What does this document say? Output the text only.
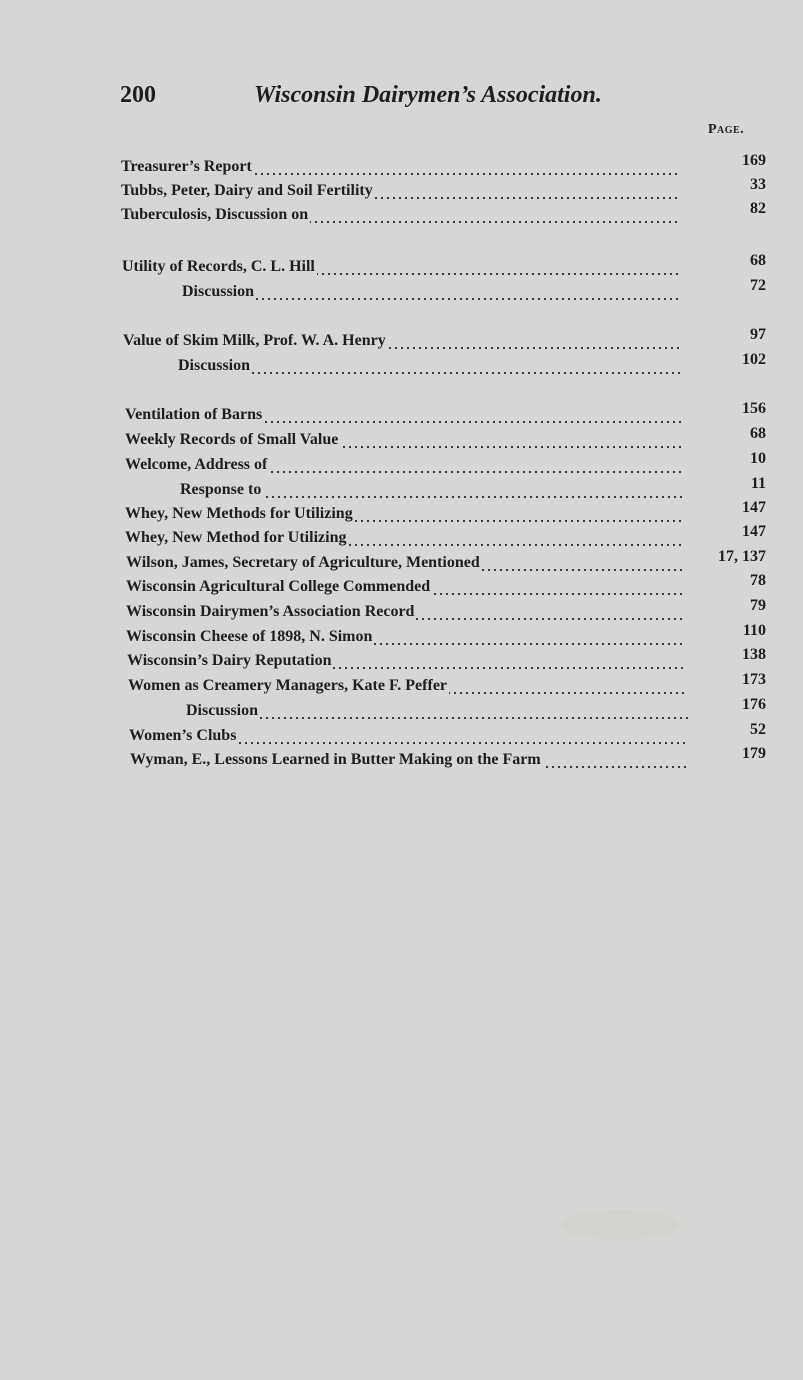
200	Wisconsin Dairymen’s Association.
Page.
Treasurer’s Report	169
Tubbs, Peter, Dairy and Soil Fertility	33
Tuberculosis, Discussion on	82
Utility of Records, C. L. Hill	68
Discussion	72
Value of Skim Milk, Prof. W. A. Henry	97
Discussion	102
Ventilation of Barns	156
Weekly Records of Small Value	68
Welcome, Address of	10
Response to	11
Whey, New Methods for Utilizing	147
Whey, New Method for Utilizing	147
Wilson, James, Secretary of Agriculture, Mentioned	17, 137
Wisconsin Agricultural College Commended	78
Wisconsin Dairymen’s Association Record	79
Wisconsin Cheese of 1898, N. Simon	110
Wisconsin’s Dairy Reputation	138
Women as Creamery Managers, Kate F. Peffer	173
Discussion	176
Women’s Clubs	52
Wyman, E., Lessons Learned in Butter Making on the Farm	179
